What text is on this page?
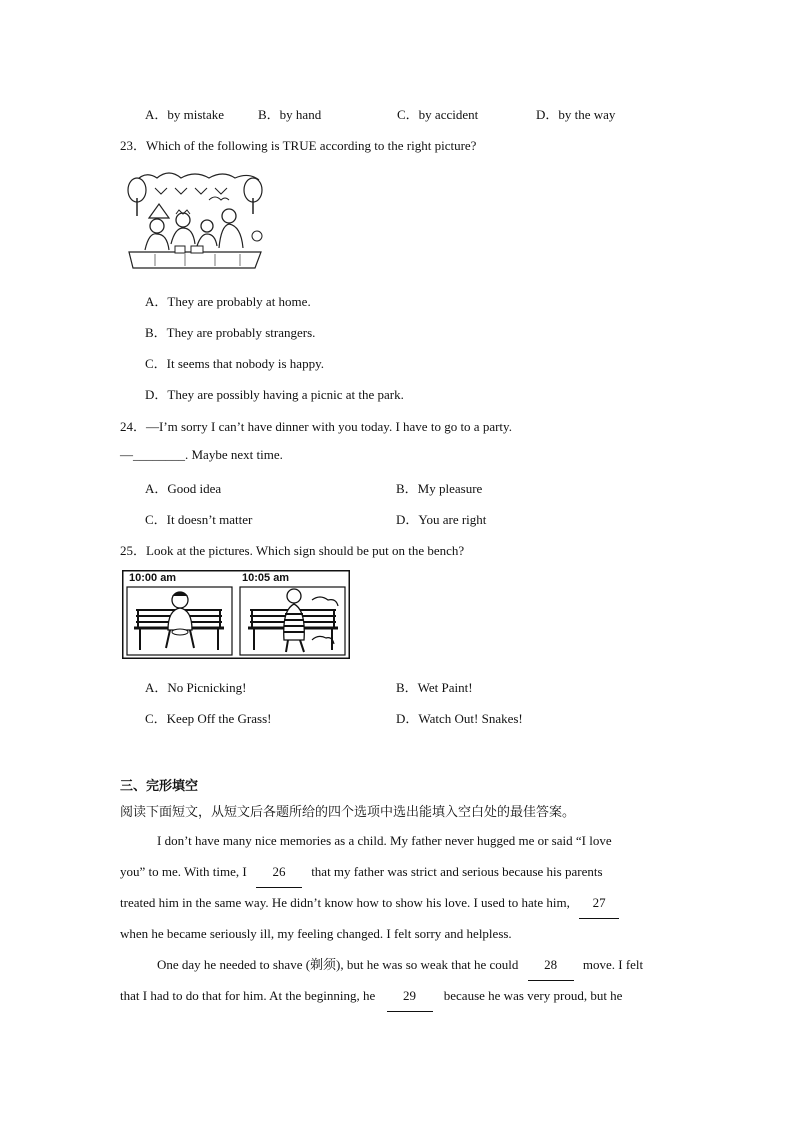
A．by mistake	B．by hand	C．by accident	D．by the way
23．Which of the following is TRUE according to the right picture?
A．They are probably at home.
B．They are probably strangers.
C．It seems that nobody is happy.
D．They are possibly having a picnic at the park.
24．—I’m sorry I can’t have dinner with you today. I have to go to a party.
—________. Maybe next time.
A．Good idea	B．My pleasure
C．It doesn’t matter	D．You are right
25．Look at the pictures. Which sign should be put on the bench?
10:00 am	10:05 am
A．No Picnicking!	B．Wet Paint!
C．Keep Off the Grass!	D．Watch Out! Snakes!
三、完形填空
阅读下面短文，从短文后各题所给的四个选项中选出能填入空白处的最佳答案。
I don’t have many nice memories as a child. My father never hugged me or said “I love
you” to me. With time, I 26 that my father was strict and serious because his parents
treated him in the same way. He didn’t know how to show his love. I used to hate him, 27
when he became seriously ill, my feeling changed. I felt sorry and helpless.
One day he needed to shave (剃须), but he was so weak that he could 28 move. I felt
that I had to do that for him. At the beginning, he 29 because he was very proud, but he
